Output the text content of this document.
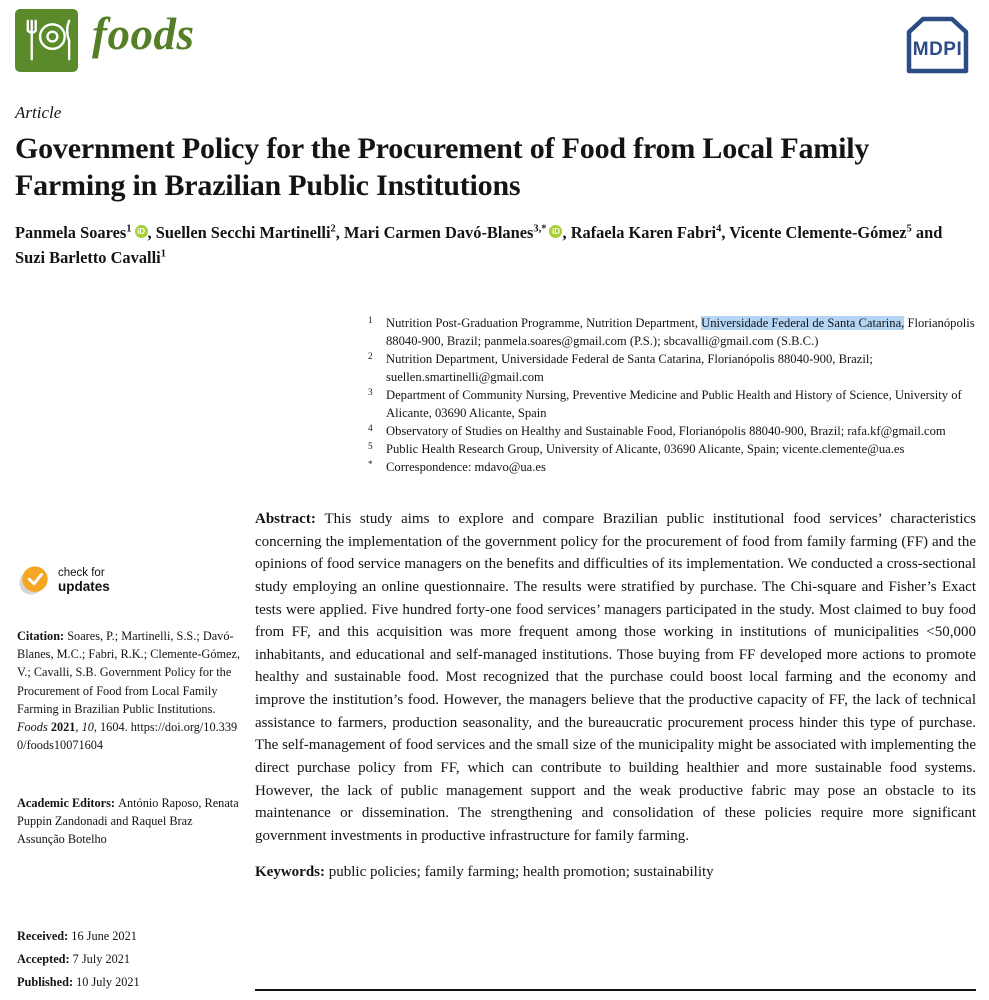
foods	MDPI
Article
Government Policy for the Procurement of Food from Local Family Farming in Brazilian Public Institutions

Panmela Soares$^1$ iD , Suellen Secchi Martinelli$^2$, Mari Carmen Davó-Blanes$^{3,*}$ iD , Rafaela Karen Fabri$^4$, Vicente Clemente-Gómez$^5$ and Suzi Barletto Cavalli$^1$

1	Nutrition Post-Graduation Programme, Nutrition Department, Universidade Federal de Santa Catarina, Florianópolis 88040-900, Brazil; panmela.soares@gmail.com (P.S.); sbcavalli@gmail.com (S.B.C.)
2	Nutrition Department, Universidade Federal de Santa Catarina, Florianópolis 88040-900, Brazil; suellen.smartinelli@gmail.com
3	Department of Community Nursing, Preventive Medicine and Public Health and History of Science, University of Alicante, 03690 Alicante, Spain
4	Observatory of Studies on Healthy and Sustainable Food, Florianópolis 88040-900, Brazil; rafa.kf@gmail.com
5	Public Health Research Group, University of Alicante, 03690 Alicante, Spain; vicente.clemente@ua.es
*	Correspondence: mdavo@ua.es
check for
updates

Citation: Soares, P.; Martinelli, S.S.; Davó-Blanes, M.C.; Fabri, R.K.; Clemente-Gómez, V.; Cavalli, S.B. Government Policy for the Procurement of Food from Local Family Farming in Brazilian Public Institutions. Foods 2021, 10, 1604. https://doi.org/10.3390/foods10071604

Academic Editors: António Raposo, Renata Puppin Zandonadi and Raquel Braz Assunção Botelho

Received: 16 June 2021

Accepted: 7 July 2021

Published: 10 July 2021

Abstract: This study aims to explore and compare Brazilian public institutional food services’ characteristics concerning the implementation of the government policy for the procurement of food from family farming (FF) and the opinions of food service managers on the benefits and difficulties of its implementation. We conducted a cross-sectional study employing an online questionnaire. The results were stratified by purchase. The Chi-square and Fisher’s Exact tests were applied. Five hundred forty-one food services’ managers participated in the study. Most claimed to buy food from FF, and this acquisition was more frequent among those working in institutions of municipalities <50,000 inhabitants, and educational and self-managed institutions. Those buying from FF developed more actions to promote healthy and sustainable food. Most recognized that the purchase could boost local farming and the economy and improve the institution’s food. However, the managers believe that the productive capacity of FF, the lack of technical assistance to farmers, production seasonality, and the bureaucratic procurement process hinder this type of purchase. The self-management of food services and the small size of the municipality might be associated with implementing the direct purchase policy from FF, which can contribute to building healthier and more sustainable food systems. However, the lack of public management support and the weak productive fabric may pose an obstacle to its maintenance or dissemination. The strengthening and consolidation of these policies require more significant government investments in productive infrastructure for family farming.

Keywords: public policies; family farming; health promotion; sustainability
